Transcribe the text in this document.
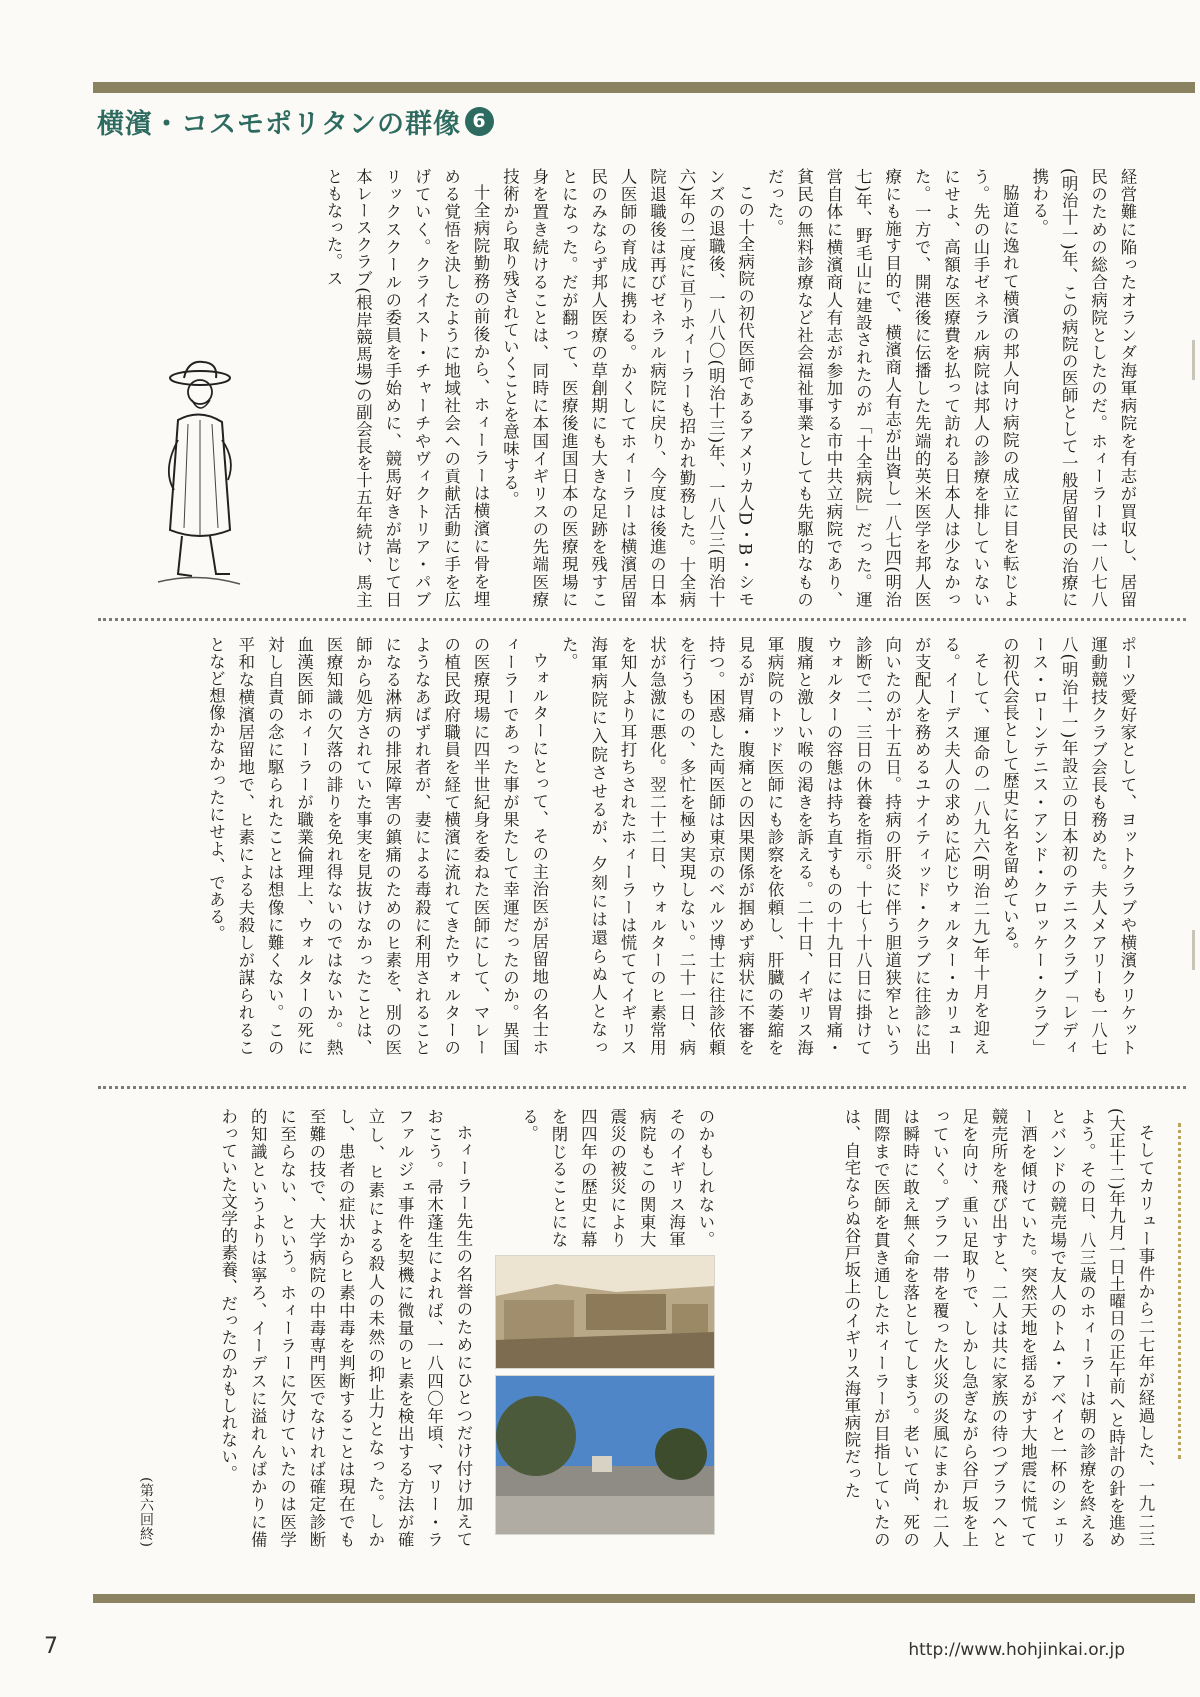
横濱・コスモポリタンの群像 6

経営難に陥ったオランダ海軍病院を有志が買収し、居留民のための総合病院としたのだ。ホィーラーは一八七八(明治十一)年、この病院の医師として一般居留民の治療に携わる。

脇道に逸れて横濱の邦人向け病院の成立に目を転じよう。先の山手ゼネラル病院は邦人の診療を排していないにせよ、高額な医療費を払って訪れる日本人は少なかった。一方で、開港後に伝播した先端的英米医学を邦人医療にも施す目的で、横濱商人有志が出資し一八七四(明治七)年、野毛山に建設されたのが「十全病院」だった。運営自体に横濱商人有志が参加する市中共立病院であり、貧民の無料診療など社会福祉事業としても先駆的なものだった。

この十全病院の初代医師であるアメリカ人D・B・シモンズの退職後、一八八〇(明治十三)年、一八八三(明治十六)年の二度に亘りホィーラーも招かれ勤務した。十全病院退職後は再びゼネラル病院に戻り、今度は後進の日本人医師の育成に携わる。かくしてホィーラーは横濱居留民のみならず邦人医療の草創期にも大きな足跡を残すことになった。だが翻って、医療後進国日本の医療現場に身を置き続けることは、同時に本国イギリスの先端医療技術から取り残されていくことを意味する。

十全病院勤務の前後から、ホィーラーは横濱に骨を埋める覚悟を決したように地域社会への貢献活動に手を広げていく。クライスト・チャーチやヴィクトリア・パブリックスクールの委員を手始めに、競馬好きが嵩じて日本レースクラブ(根岸競馬場)の副会長を十五年続け、馬主ともなった。ス

ポーツ愛好家として、ヨットクラブや横濱クリケット運動競技クラブ会長も務めた。夫人メアリーも一八七八(明治十一)年設立の日本初のテニスクラブ「レディース・ローンテニス・アンド・クロッケー・クラブ」の初代会長として歴史に名を留めている。

そして、運命の一八九六(明治二九)年十月を迎える。イーデス夫人の求めに応じウォルター・カリューが支配人を務めるユナイティッド・クラブに往診に出向いたのが十五日。持病の肝炎に伴う胆道狭窄という診断で二、三日の休養を指示。十七〜十八日に掛けてウォルターの容態は持ち直すものの十九日には胃痛・腹痛と激しい喉の渇きを訴える。二十日、イギリス海軍病院のトッド医師にも診察を依頼し、肝臓の萎縮を見るが胃痛・腹痛との因果関係が掴めず病状に不審を持つ。困惑した両医師は東京のベルツ博士に往診依頼を行うものの、多忙を極め実現しない。二十一日、病状が急激に悪化。翌二十二日、ウォルターのヒ素常用を知人より耳打ちされたホィーラーは慌ててイギリス海軍病院に入院させるが、夕刻には還らぬ人となった。

ウォルターにとって、その主治医が居留地の名士ホィーラーであった事が果たして幸運だったのか。異国の医療現場に四半世紀身を委ねた医師にして、マレーの植民政府職員を経て横濱に流れてきたウォルターのようなあばずれ者が、妻による毒殺に利用されることになる淋病の排尿障害の鎮痛のためのヒ素を、別の医師から処方されていた事実を見抜けなかったことは、医療知識の欠落の誹りを免れ得ないのではないか。熱血漢医師ホィーラーが職業倫理上、ウォルターの死に対し自責の念に駆られたことは想像に難くない。この平和な横濱居留地で、ヒ素による夫殺しが謀られることなど想像かなかったにせよ、である。

そしてカリュー事件から二七年が経過した、一九二三(大正十二)年九月一日土曜日の正午前へと時計の針を進めよう。その日、八三歳のホィーラーは朝の診療を終えるとバンドの競売場で友人のトム・アベイと一杯のシェリー酒を傾けていた。突然天地を揺るがす大地震に慌てて競売所を飛び出すと、二人は共に家族の待つブラフへと足を向け、重い足取りで、しかし急ぎながら谷戸坂を上っていく。ブラフ一帯を覆った火災の炎風にまかれ二人は瞬時に敢え無く命を落としてしまう。老いて尚、死の間際まで医師を貫き通したホィーラーが目指していたのは、自宅ならぬ谷戸坂上のイギリス海軍病院だった

のかもしれない。そのイギリス海軍病院もこの関東大震災の被災により四四年の歴史に幕を閉じることになる。

ホィーラー先生の名誉のためにひとつだけ付け加えておこう。帚木蓬生によれば、一八四〇年頃、マリー・ラファルジェ事件を契機に微量のヒ素を検出する方法が確立し、ヒ素による殺人の未然の抑止力となった。しかし、患者の症状からヒ素中毒を判断することは現在でも至難の技で、大学病院の中毒専門医でなければ確定診断に至らない、という。ホィーラーに欠けていたのは医学的知識というよりは寧ろ、イーデスに溢れんばかりに備わっていた文学的素養、だったのかもしれない。

(第六回終)
7	http://www.hohjinkai.or.jp
